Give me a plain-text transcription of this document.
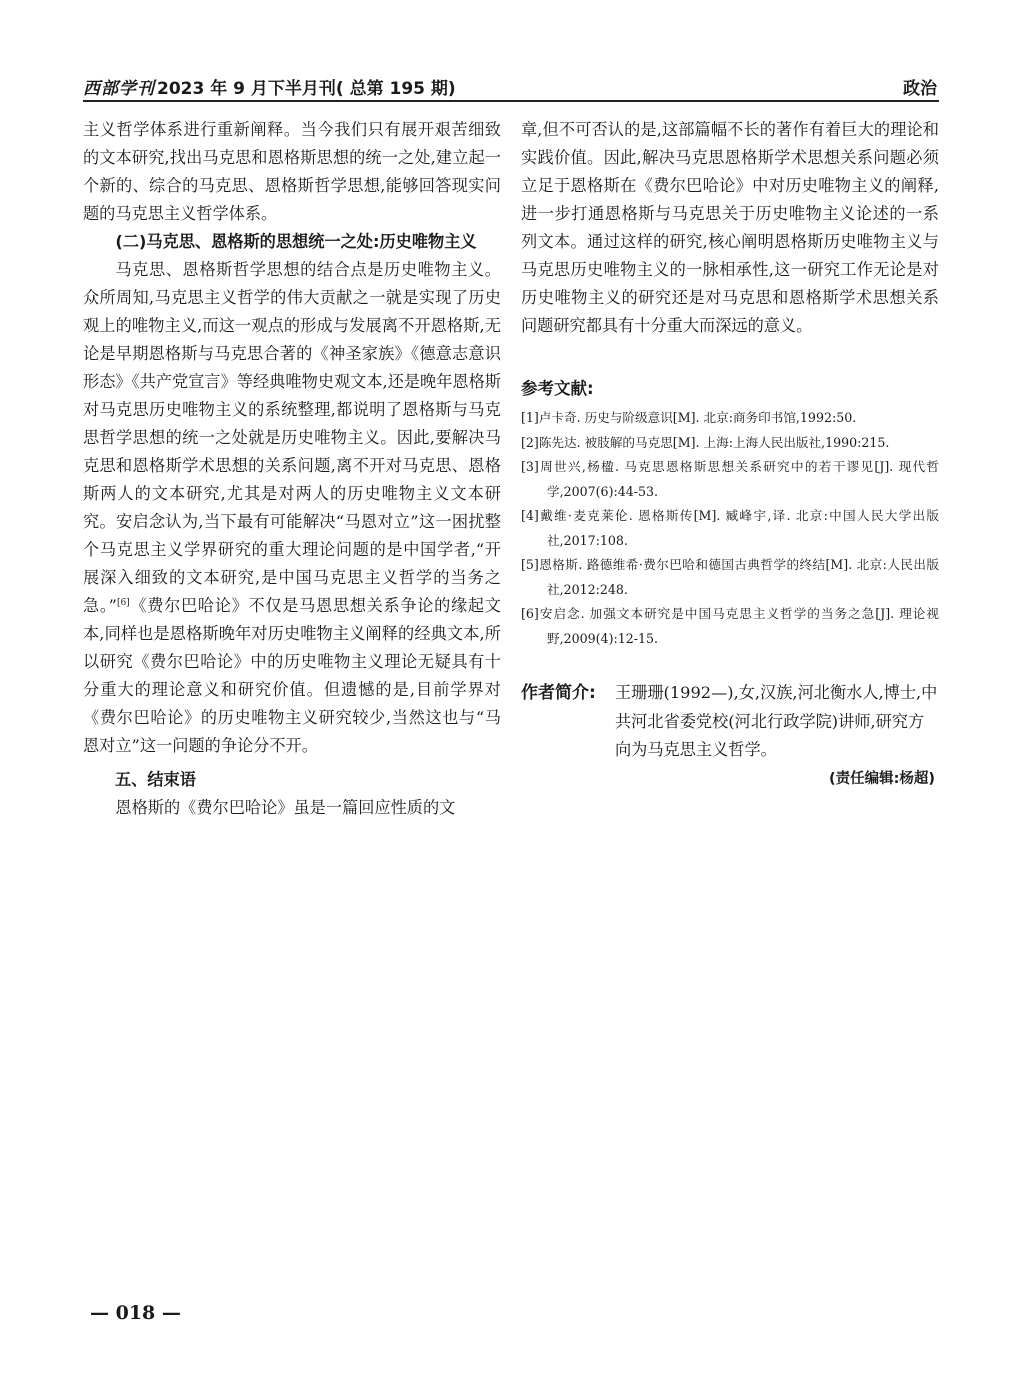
西部学刊 2023 年 9 月下半月刊( 总第 195 期)	政治

主义哲学体系进行重新阐释。当今我们只有展开艰苦细致的文本研究,找出马克思和恩格斯思想的统一之处,建立起一个新的、综合的马克思、恩格斯哲学思想,能够回答现实问题的马克思主义哲学体系。

(二)马克思、恩格斯的思想统一之处:历史唯物主义

马克思、恩格斯哲学思想的结合点是历史唯物主义。众所周知,马克思主义哲学的伟大贡献之一就是实现了历史观上的唯物主义,而这一观点的形成与发展离不开恩格斯,无论是早期恩格斯与马克思合著的《神圣家族》《德意志意识形态》《共产党宣言》等经典唯物史观文本,还是晚年恩格斯对马克思历史唯物主义的系统整理,都说明了恩格斯与马克思哲学思想的统一之处就是历史唯物主义。因此,要解决马克思和恩格斯学术思想的关系问题,离不开对马克思、恩格斯两人的文本研究,尤其是对两人的历史唯物主义文本研究。安启念认为,当下最有可能解决“马恩对立”这一困扰整个马克思主义学界研究的重大理论问题的是中国学者,“开展深入细致的文本研究,是中国马克思主义哲学的当务之急。”[6]《费尔巴哈论》不仅是马恩思想关系争论的缘起文本,同样也是恩格斯晚年对历史唯物主义阐释的经典文本,所以研究《费尔巴哈论》中的历史唯物主义理论无疑具有十分重大的理论意义和研究价值。但遗憾的是,目前学界对《费尔巴哈论》的历史唯物主义研究较少,当然这也与“马恩对立”这一问题的争论分不开。

五、结束语

恩格斯的《费尔巴哈论》虽是一篇回应性质的文

章,但不可否认的是,这部篇幅不长的著作有着巨大的理论和实践价值。因此,解决马克思恩格斯学术思想关系问题必须立足于恩格斯在《费尔巴哈论》中对历史唯物主义的阐释,进一步打通恩格斯与马克思关于历史唯物主义论述的一系列文本。通过这样的研究,核心阐明恩格斯历史唯物主义与马克思历史唯物主义的一脉相承性,这一研究工作无论是对历史唯物主义的研究还是对马克思和恩格斯学术思想关系问题研究都具有十分重大而深远的意义。

参考文献:
[1]卢卡奇. 历史与阶级意识[M]. 北京:商务印书馆,1992:50.
[2]陈先达. 被肢解的马克思[M]. 上海:上海人民出版社,1990:215.
[3]周世兴,杨楹. 马克思恩格斯思想关系研究中的若干谬见[J]. 现代哲学,2007(6):44-53.
[4]戴维·麦克莱伦. 恩格斯传[M]. 臧峰宇,译. 北京:中国人民大学出版社,2017:108.
[5]恩格斯. 路德维希·费尔巴哈和德国古典哲学的终结[M]. 北京:人民出版社,2012:248.
[6]安启念. 加强文本研究是中国马克思主义哲学的当务之急[J]. 理论视野,2009(4):12-15.
作者简介: 王珊珊(1992—),女,汉族,河北衡水人,博士,中共河北省委党校(河北行政学院)讲师,研究方向为马克思主义哲学。
(责任编辑:杨超)
— 018 —
